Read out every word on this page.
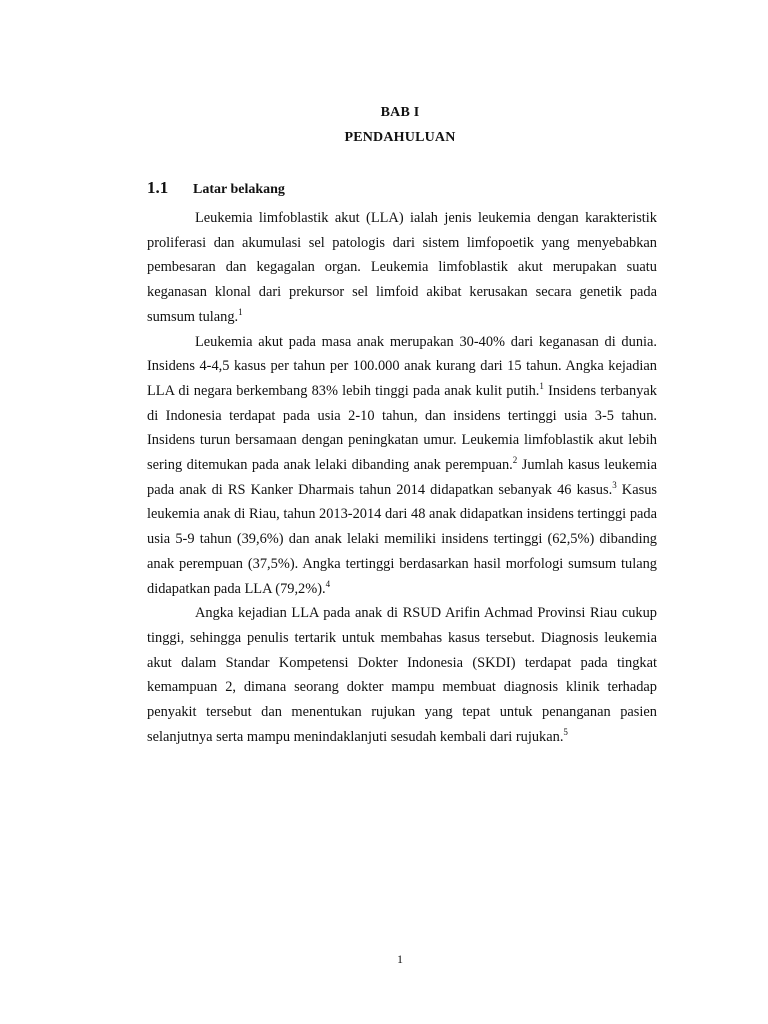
BAB I
PENDAHULUAN
1.1	Latar belakang

Leukemia limfoblastik akut (LLA) ialah jenis leukemia dengan karakteristik proliferasi dan akumulasi sel patologis dari sistem limfopoetik yang menyebabkan pembesaran dan kegagalan organ. Leukemia limfoblastik akut merupakan suatu keganasan klonal dari prekursor sel limfoid akibat kerusakan secara genetik pada sumsum tulang.$^1$

Leukemia akut pada masa anak merupakan 30-40% dari keganasan di dunia. Insidens 4-4,5 kasus per tahun per 100.000 anak kurang dari 15 tahun. Angka kejadian LLA di negara berkembang 83% lebih tinggi pada anak kulit putih.$^1$ Insidens terbanyak di Indonesia terdapat pada usia 2-10 tahun, dan insidens tertinggi usia 3-5 tahun. Insidens turun bersamaan dengan peningkatan umur. Leukemia limfoblastik akut lebih sering ditemukan pada anak lelaki dibanding anak perempuan.$^2$ Jumlah kasus leukemia pada anak di RS Kanker Dharmais tahun 2014 didapatkan sebanyak 46 kasus.$^3$ Kasus leukemia anak di Riau, tahun 2013-2014 dari 48 anak didapatkan insidens tertinggi pada usia 5-9 tahun (39,6%) dan anak lelaki memiliki insidens tertinggi (62,5%) dibanding anak perempuan (37,5%). Angka tertinggi berdasarkan hasil morfologi sumsum tulang didapatkan pada LLA (79,2%).$^4$

Angka kejadian LLA pada anak di RSUD Arifin Achmad Provinsi Riau cukup tinggi, sehingga penulis tertarik untuk membahas kasus tersebut. Diagnosis leukemia akut dalam Standar Kompetensi Dokter Indonesia (SKDI) terdapat pada tingkat kemampuan 2, dimana seorang dokter mampu membuat diagnosis klinik terhadap penyakit tersebut dan menentukan rujukan yang tepat untuk penanganan pasien selanjutnya serta mampu menindaklanjuti sesudah kembali dari rujukan.$^5$

1
